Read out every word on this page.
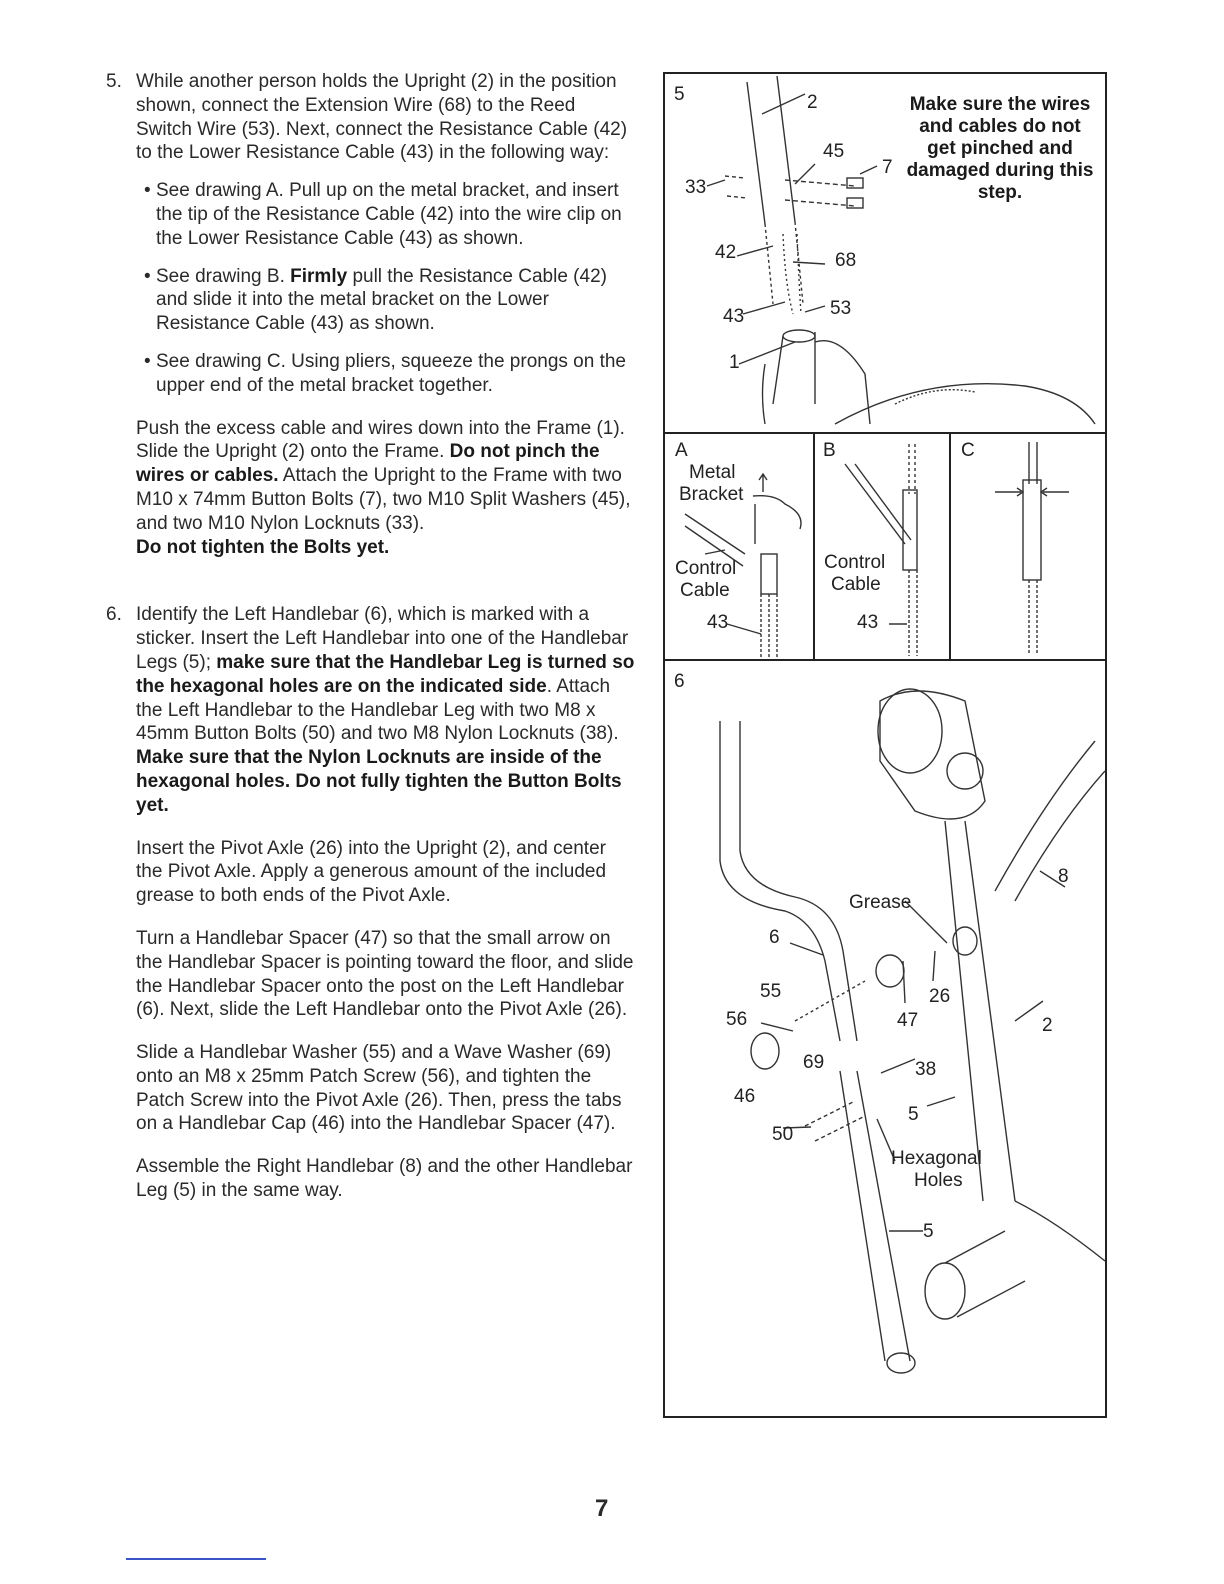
5. While another person holds the Upright (2) in the position shown, connect the Extension Wire (68) to the Reed Switch Wire (53). Next, connect the Resistance Cable (42) to the Lower Resistance Cable (43) in the following way:

• See drawing A. Pull up on the metal bracket, and insert the tip of the Resistance Cable (42) into the wire clip on the Lower Resistance Cable (43) as shown.
• See drawing B. Firmly pull the Resistance Cable (42) and slide it into the metal bracket on the Lower Resistance Cable (43) as shown.
• See drawing C. Using pliers, squeeze the prongs on the upper end of the metal bracket together.

Push the excess cable and wires down into the Frame (1). Slide the Upright (2) onto the Frame. Do not pinch the wires or cables. Attach the Upright to the Frame with two M10 x 74mm Button Bolts (7), two M10 Split Washers (45), and two M10 Nylon Locknuts (33).
Do not tighten the Bolts yet.

6. Identify the Left Handlebar (6), which is marked with a sticker. Insert the Left Handlebar into one of the Handlebar Legs (5); make sure that the Handlebar Leg is turned so the hexagonal holes are on the indicated side. Attach the Left Handlebar to the Handlebar Leg with two M8 x 45mm Button Bolts (50) and two M8 Nylon Locknuts (38). Make sure that the Nylon Locknuts are inside of the hexagonal holes. Do not fully tighten the Button Bolts yet.

Insert the Pivot Axle (26) into the Upright (2), and center the Pivot Axle. Apply a generous amount of the included grease to both ends of the Pivot Axle.

Turn a Handlebar Spacer (47) so that the small arrow on the Handlebar Spacer is pointing toward the floor, and slide the Handlebar Spacer onto the post on the Left Handlebar (6). Next, slide the Left Handlebar onto the Pivot Axle (26).

Slide a Handlebar Washer (55) and a Wave Washer (69) onto an M8 x 25mm Patch Screw (56), and tighten the Patch Screw into the Pivot Axle (26). Then, press the tabs on a Handlebar Cap (46) into the Handlebar Spacer (47).

Assemble the Right Handlebar (8) and the other Handlebar Leg (5) in the same way.

5	2
45
7
33
42	68
43	53
1
Make sure the wires and cables do not get pinched and damaged during this step.
A
Metal
Bracket
Control
Cable
43
B
Control
Cable
43
C
6
8
Grease
6
55	26
56	47	2
69	38
46
5
50
Hexagonal
Holes
5
7
